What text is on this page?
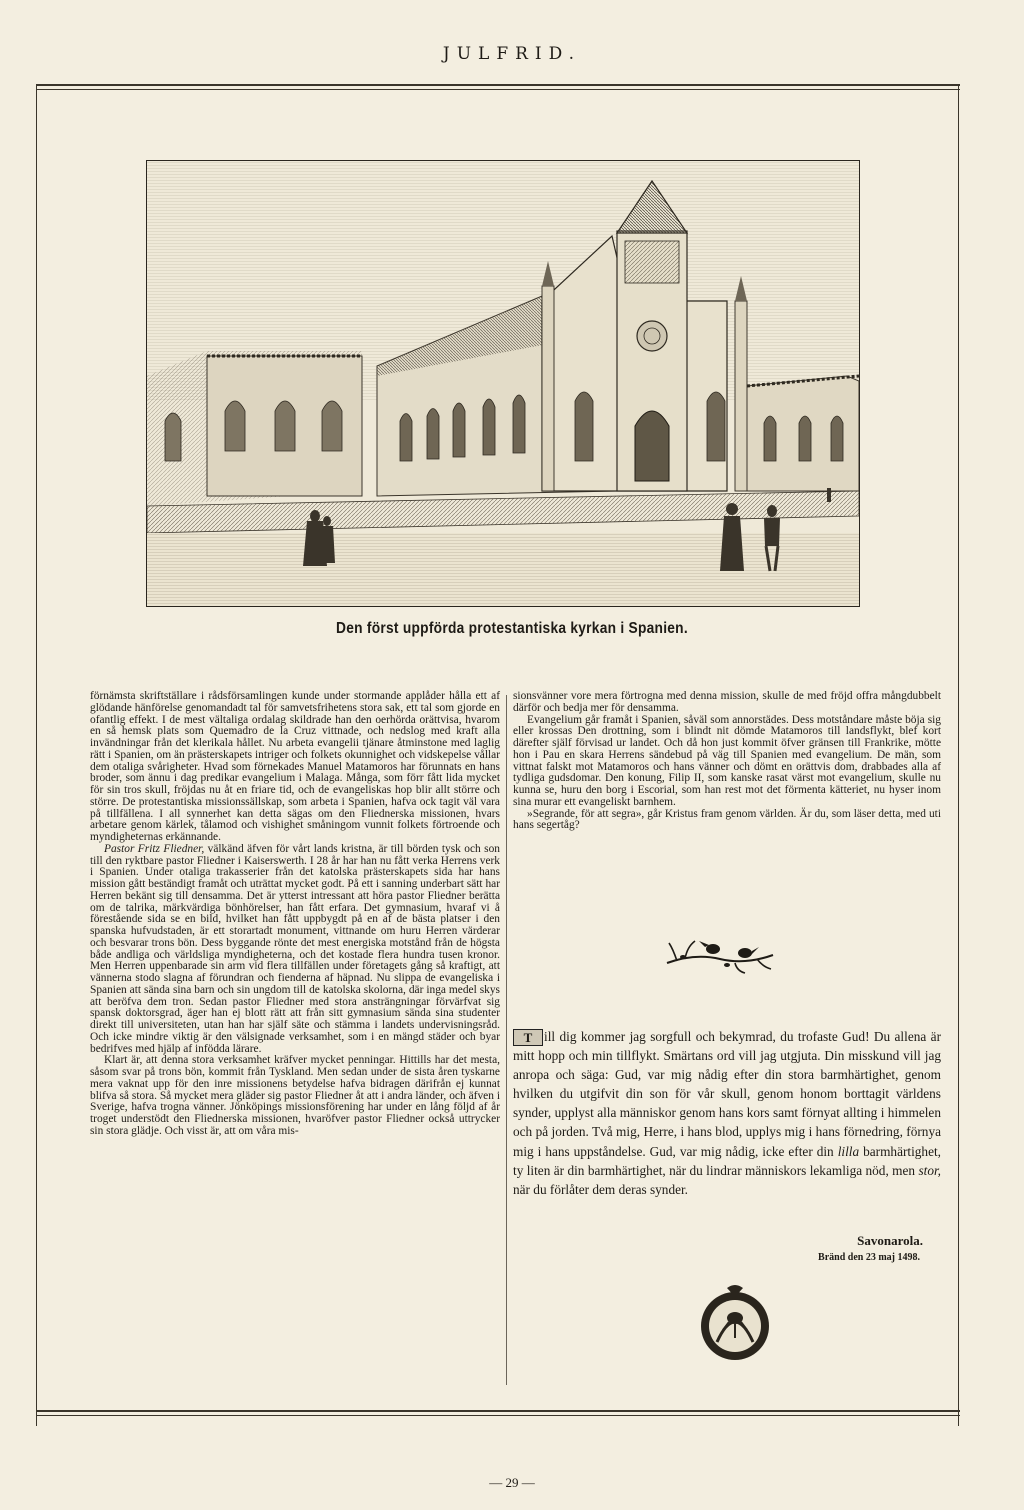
JULFRID.
Den först uppförda protestantiska kyrkan i Spanien.

förnämsta skriftställare i rådsförsamlingen kunde under stormande applåder hålla ett af glödande hänförelse genomandadt tal för samvetsfrihetens stora sak, ett tal som gjorde en ofantlig effekt. I de mest vältaliga ordalag skildrade han den oerhörda orättvisa, hvarom en så hemsk plats som Quemadro de la Cruz vittnade, och nedslog med kraft alla invändningar från det klerikala hållet. Nu arbeta evangelii tjänare åtminstone med laglig rätt i Spanien, om än prästerskapets intriger och folkets okunnighet och vidskepelse vållar dem otaliga svårigheter. Hvad som förnekades Manuel Matamoros har förunnats en hans broder, som ännu i dag predikar evangelium i Malaga. Många, som förr fått lida mycket för sin tros skull, fröjdas nu åt en friare tid, och de evangeliskas hop blir allt större och större. De protestantiska missionssällskap, som arbeta i Spanien, hafva ock tagit väl vara på tillfällena. I all synnerhet kan detta sägas om den Fliednerska missionen, hvars arbetare genom kärlek, tålamod och vishighet småningom vunnit folkets förtroende och myndigheternas erkännande.

Pastor Fritz Fliedner, välkänd äfven för vårt lands kristna, är till börden tysk och son till den ryktbare pastor Fliedner i Kaiserswerth. I 28 år har han nu fått verka Herrens verk i Spanien. Under otaliga trakasserier från det katolska prästerskapets sida har hans mission gått beständigt framåt och uträttat mycket godt. På ett i sanning underbart sätt har Herren bekänt sig till densamma. Det är ytterst intressant att höra pastor Fliedner berätta om de talrika, märkvärdiga bönhörelser, han fått erfara. Det gymnasium, hvaraf vi å förestående sida se en bild, hvilket han fått uppbygdt på en af de bästa platser i den spanska hufvudstaden, är ett storartadt monument, vittnande om huru Herren värderar och besvarar trons bön. Dess byggande rönte det mest energiska motstånd från de högsta både andliga och världsliga myndigheterna, och det kostade flera hundra tusen kronor. Men Herren uppenbarade sin arm vid flera tillfällen under företagets gång så kraftigt, att vännerna stodo slagna af förundran och fienderna af häpnad. Nu slippa de evangeliska i Spanien att sända sina barn och sin ungdom till de katolska skolorna, där inga medel skys att beröfva dem tron. Sedan pastor Fliedner med stora ansträngningar förvärfvat sig spansk doktorsgrad, äger han ej blott rätt att från sitt gymnasium sända sina studenter direkt till universiteten, utan han har själf säte och stämma i landets undervisningsråd. Och icke mindre viktig är den välsignade verksamhet, som i en mängd städer och byar bedrifves med hjälp af infödda lärare.

Klart är, att denna stora verksamhet kräfver mycket penningar. Hittills har det mesta, såsom svar på trons bön, kommit från Tyskland. Men sedan under de sista åren tyskarne mera vaknat upp för den inre missionens betydelse hafva bidragen därifrån ej kunnat blifva så stora. Så mycket mera gläder sig pastor Fliedner åt att i andra länder, och äfven i Sverige, hafva trogna vänner. Jönköpings missionsförening har under en lång följd af år troget understödt den Fliednerska missionen, hvaröfver pastor Fliedner också uttrycker sin stora glädje. Och visst är, att om våra mis-

sionsvänner vore mera förtrogna med denna mission, skulle de med fröjd offra mångdubbelt därför och bedja mer för densamma.

Evangelium går framåt i Spanien, såväl som annorstädes. Dess motståndare måste böja sig eller krossas Den drottning, som i blindt nit dömde Matamoros till landsflykt, blef kort därefter själf förvisad ur landet. Och då hon just kommit öfver gränsen till Frankrike, mötte hon i Pau en skara Herrens sändebud på väg till Spanien med evangelium. De män, som vittnat falskt mot Matamoros och hans vänner och dömt en orättvis dom, drabbades alla af tydliga gudsdomar. Den konung, Filip II, som kanske rasat värst mot evangelium, skulle nu kunna se, huru den borg i Escorial, som han rest mot det förmenta kätteriet, nu hyser inom sina murar ett evangeliskt barnhem.

»Segrande, för att segra», går Kristus fram genom världen. Är du, som läser detta, med uti hans segertåg?

T ill dig kommer jag sorgfull och bekymrad, du trofaste Gud! Du allena är mitt hopp och min tillflykt. Smärtans ord vill jag utgjuta. Din misskund vill jag anropa och säga: Gud, var mig nådig efter din stora barmhärtighet, genom hvilken du utgifvit din son för vår skull, genom honom borttagit världens synder, upplyst alla människor genom hans kors samt förnyat allting i himmelen och på jorden. Två mig, Herre, i hans blod, upplys mig i hans förnedring, förnya mig i hans uppståndelse. Gud, var mig nådig, icke efter din lilla barmhärtighet, ty liten är din barmhärtighet, när du lindrar människors lekamliga nöd, men stor, när du förlåter dem deras synder.
Savonarola.
Bränd den 23 maj 1498.
— 29 —
